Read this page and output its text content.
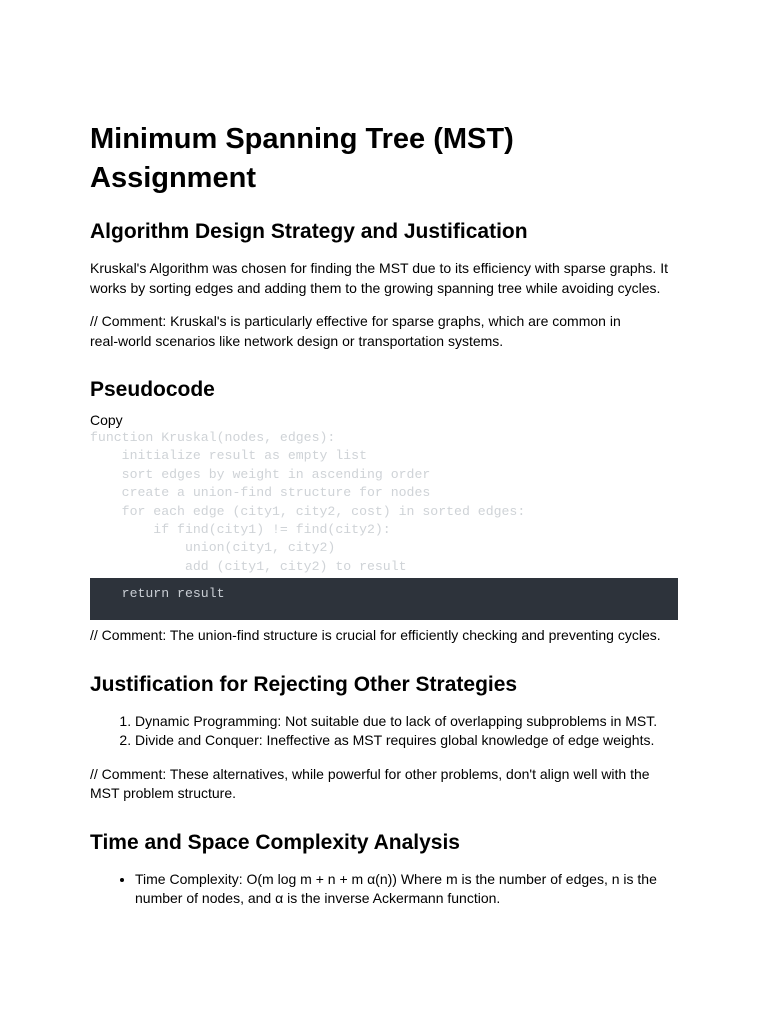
Minimum Spanning Tree (MST)
Assignment
Algorithm Design Strategy and Justification

Kruskal's Algorithm was chosen for finding the MST due to its efficiency with sparse graphs. It works by sorting edges and adding them to the growing spanning tree while avoiding cycles.

// Comment: Kruskal's is particularly effective for sparse graphs, which are common in
real-world scenarios like network design or transportation systems.

Pseudocode
Copy
function Kruskal(nodes, edges):
initialize result as empty list
sort edges by weight in ascending order
create a union-find structure for nodes
for each edge (city1, city2, cost) in sorted edges:
if find(city1) != find(city2):
union(city1, city2)
add (city1, city2) to result
return result

// Comment: The union-find structure is crucial for efficiently checking and preventing cycles.

Justification for Rejecting Other Strategies
1. Dynamic Programming: Not suitable due to lack of overlapping subproblems in MST.
2. Divide and Conquer: Ineffective as MST requires global knowledge of edge weights.

// Comment: These alternatives, while powerful for other problems, don't align well with the MST problem structure.

Time and Space Complexity Analysis
• Time Complexity: O(m log m + n + m α(n)) Where m is the number of edges, n is the number of nodes, and α is the inverse Ackermann function.
